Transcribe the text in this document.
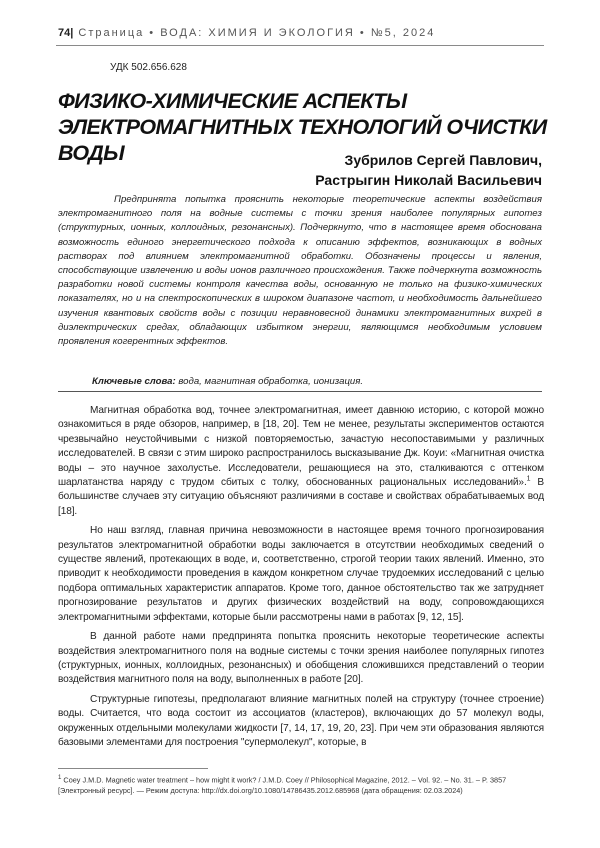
74| Страница • ВОДА: ХИМИЯ И ЭКОЛОГИЯ • №5, 2024
УДК 502.656.628
ФИЗИКО-ХИМИЧЕСКИЕ АСПЕКТЫ ЭЛЕКТРОМАГНИТНЫХ ТЕХНОЛОГИЙ ОЧИСТКИ ВОДЫ	Зубрилов Сергей Павлович,
Растрыгин Николай Васильевич
Предпринята попытка прояснить некоторые теоретические аспекты воздействия электромагнитного поля на водные системы с точки зрения наиболее популярных гипотез (структурных, ионных, коллоидных, резонансных). Подчеркнуто, что в настоящее время обоснована возможность единого энергетического подхода к описанию эффектов, возникающих в водных растворах под влиянием электромагнитной обработки. Обозначены процессы и явления, способствующие извлечению и воды ионов различного происхождения. Также подчеркнута возможность разработки новой системы контроля качества воды, основанную не только на физико-химических показателях, но и на спектроскопических в широком диапазоне частот, и необходимость дальнейшего изучения квантовых свойств воды с позиции неравновесной динамики электромагнитных вихрей в диэлектрических средах, обладающих избытком энергии, являющимся необходимым условием проявления когерентных эффектов.
Ключевые слова: вода, магнитная обработка, ионизация.

Магнитная обработка вод, точнее электромагнитная, имеет давнюю историю, с которой можно ознакомиться в ряде обзоров, например, в [18, 20]. Тем не менее, результаты экспериментов остаются чрезвычайно неустойчивыми с низкой повторяемостью, зачастую несопоставимыми у различных исследователей. В связи с этим широко распространилось высказывание Дж. Коуи: «Магнитная очистка воды – это научное захолустье. Исследователи, решающиеся на это, сталкиваются с оттенком шарлатанства наряду с трудом сбитых с толку, обоснованных рациональных исследований».$^1$ В большинстве случаев эту ситуацию объясняют различиями в составе и свойствах обрабатываемых вод [18].

Но наш взгляд, главная причина невозможности в настоящее время точного прогнозирования результатов электромагнитной обработки воды заключается в отсутствии необходимых сведений о существе явлений, протекающих в воде, и, соответственно, строгой теории таких явлений. Именно, это приводит к необходимости проведения в каждом конкретном случае трудоемких исследований с целью подбора оптимальных характеристик аппаратов. Кроме того, данное обстоятельство так же затрудняет прогнозирование результатов и других физических воздействий на воду, сопровождающихся электромагнитными эффектами, которые были рассмотрены нами в работах [9, 12, 15].

В данной работе нами предпринята попытка прояснить некоторые теоретические аспекты воздействия электромагнитного поля на водные системы с точки зрения наиболее популярных гипотез (структурных, ионных, коллоидных, резонансных) и обобщения сложившихся представлений о теории воздействия магнитного поля на воду, выполненных в работе [20].

Структурные гипотезы, предполагают влияние магнитных полей на структуру (точнее строение) воды. Считается, что вода состоит из ассоциатов (кластеров), включающих до 57 молекул воды, окруженных отдельными молекулами жидкости [7, 14, 17, 19, 20, 23]. При чем эти образования являются базовыми элементами для построения "супермолекул", которые, в

$^1$ Coey J.M.D. Magnetic water treatment – how might it work? / J.M.D. Coey // Philosophical Magazine, 2012. – Vol. 92. – No. 31. – P. 3857 [Электронный ресурс]. — Режим доступа: http://dx.doi.org/10.1080/14786435.2012.685968 (дата обращения: 02.03.2024)
